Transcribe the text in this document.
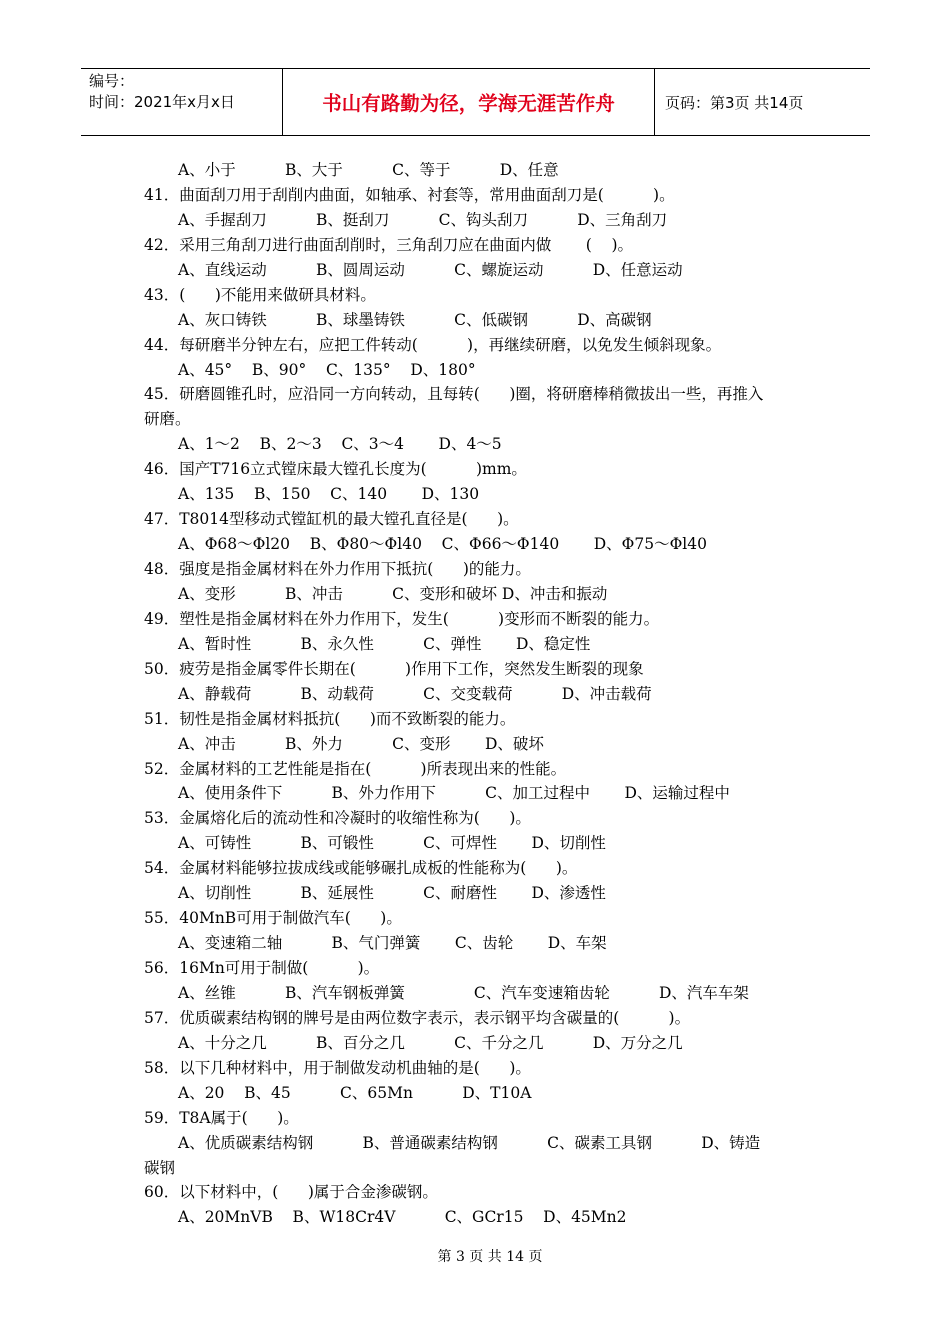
编号：
时间：2021年x月x日	书山有路勤为径，学海无涯苦作舟	页码：第3页 共14页
A、小于          B、大于          C、等于          D、任意
41．曲面刮刀用于刮削内曲面，如轴承、衬套等，常用曲面刮刀是(          )。
A、手握刮刀          B、挺刮刀          C、钩头刮刀          D、三角刮刀
42．采用三角刮刀进行曲面刮削时，三角刮刀应在曲面内做       (    )。
A、直线运动          B、圆周运动          C、螺旋运动          D、任意运动
43．(      )不能用来做研具材料。
A、灰口铸铁          B、球墨铸铁          C、低碳钢          D、高碳钢
44．每研磨半分钟左右，应把工件转动(          )，再继续研磨，以免发生倾斜现象。
A、45°    B、90°    C、135°    D、180°
45．研磨圆锥孔时，应沿同一方向转动，且每转(      )圈，将研磨棒稍微拔出一些，再推入
研磨。
A、1～2    B、2～3    C、3～4       D、4～5
46．国产T716立式镗床最大镗孔长度为(          )mm。
A、135    B、150    C、140       D、130
47．T8014型移动式镗缸机的最大镗孔直径是(      )。
A、Φ68～Φl20    B、Φ80～Φl40    C、Φ66～Φ140       D、Φ75～Φl40
48．强度是指金属材料在外力作用下抵抗(      )的能力。
A、变形          B、冲击          C、变形和破坏 D、冲击和振动
49．塑性是指金属材料在外力作用下，发生(          )变形而不断裂的能力。
A、暂时性          B、永久性          C、弹性       D、稳定性
50．疲劳是指金属零件长期在(          )作用下工作，突然发生断裂的现象
A、静载荷          B、动载荷          C、交变载荷          D、冲击载荷
51．韧性是指金属材料抵抗(      )而不致断裂的能力。
A、冲击          B、外力          C、变形       D、破坏
52．金属材料的工艺性能是指在(          )所表现出来的性能。
A、使用条件下          B、外力作用下          C、加工过程中       D、运输过程中
53．金属熔化后的流动性和冷凝时的收缩性称为(      )。
A、可铸性          B、可锻性          C、可焊性       D、切削性
54．金属材料能够拉拔成线或能够碾扎成板的性能称为(      )。
A、切削性          B、延展性          C、耐磨性       D、渗透性
55．40MnB可用于制做汽车(      )。
A、变速箱二轴          B、气门弹簧       C、齿轮       D、车架
56．16Mn可用于制做(          )。
A、丝锥          B、汽车钢板弹簧              C、汽车变速箱齿轮          D、汽车车架
57．优质碳素结构钢的牌号是由两位数字表示，表示钢平均含碳量的(          )。
A、十分之几          B、百分之几          C、千分之几          D、万分之几
58．以下几种材料中，用于制做发动机曲轴的是(      )。
A、20    B、45          C、65Mn          D、T10A
59．T8A属于(      )。
A、优质碳素结构钢          B、普通碳素结构钢          C、碳素工具钢          D、铸造
碳钢
60．以下材料中，(      )属于合金渗碳钢。
A、20MnVB    B、W18Cr4V          C、GCr15    D、45Mn2
第 3 页 共 14 页
